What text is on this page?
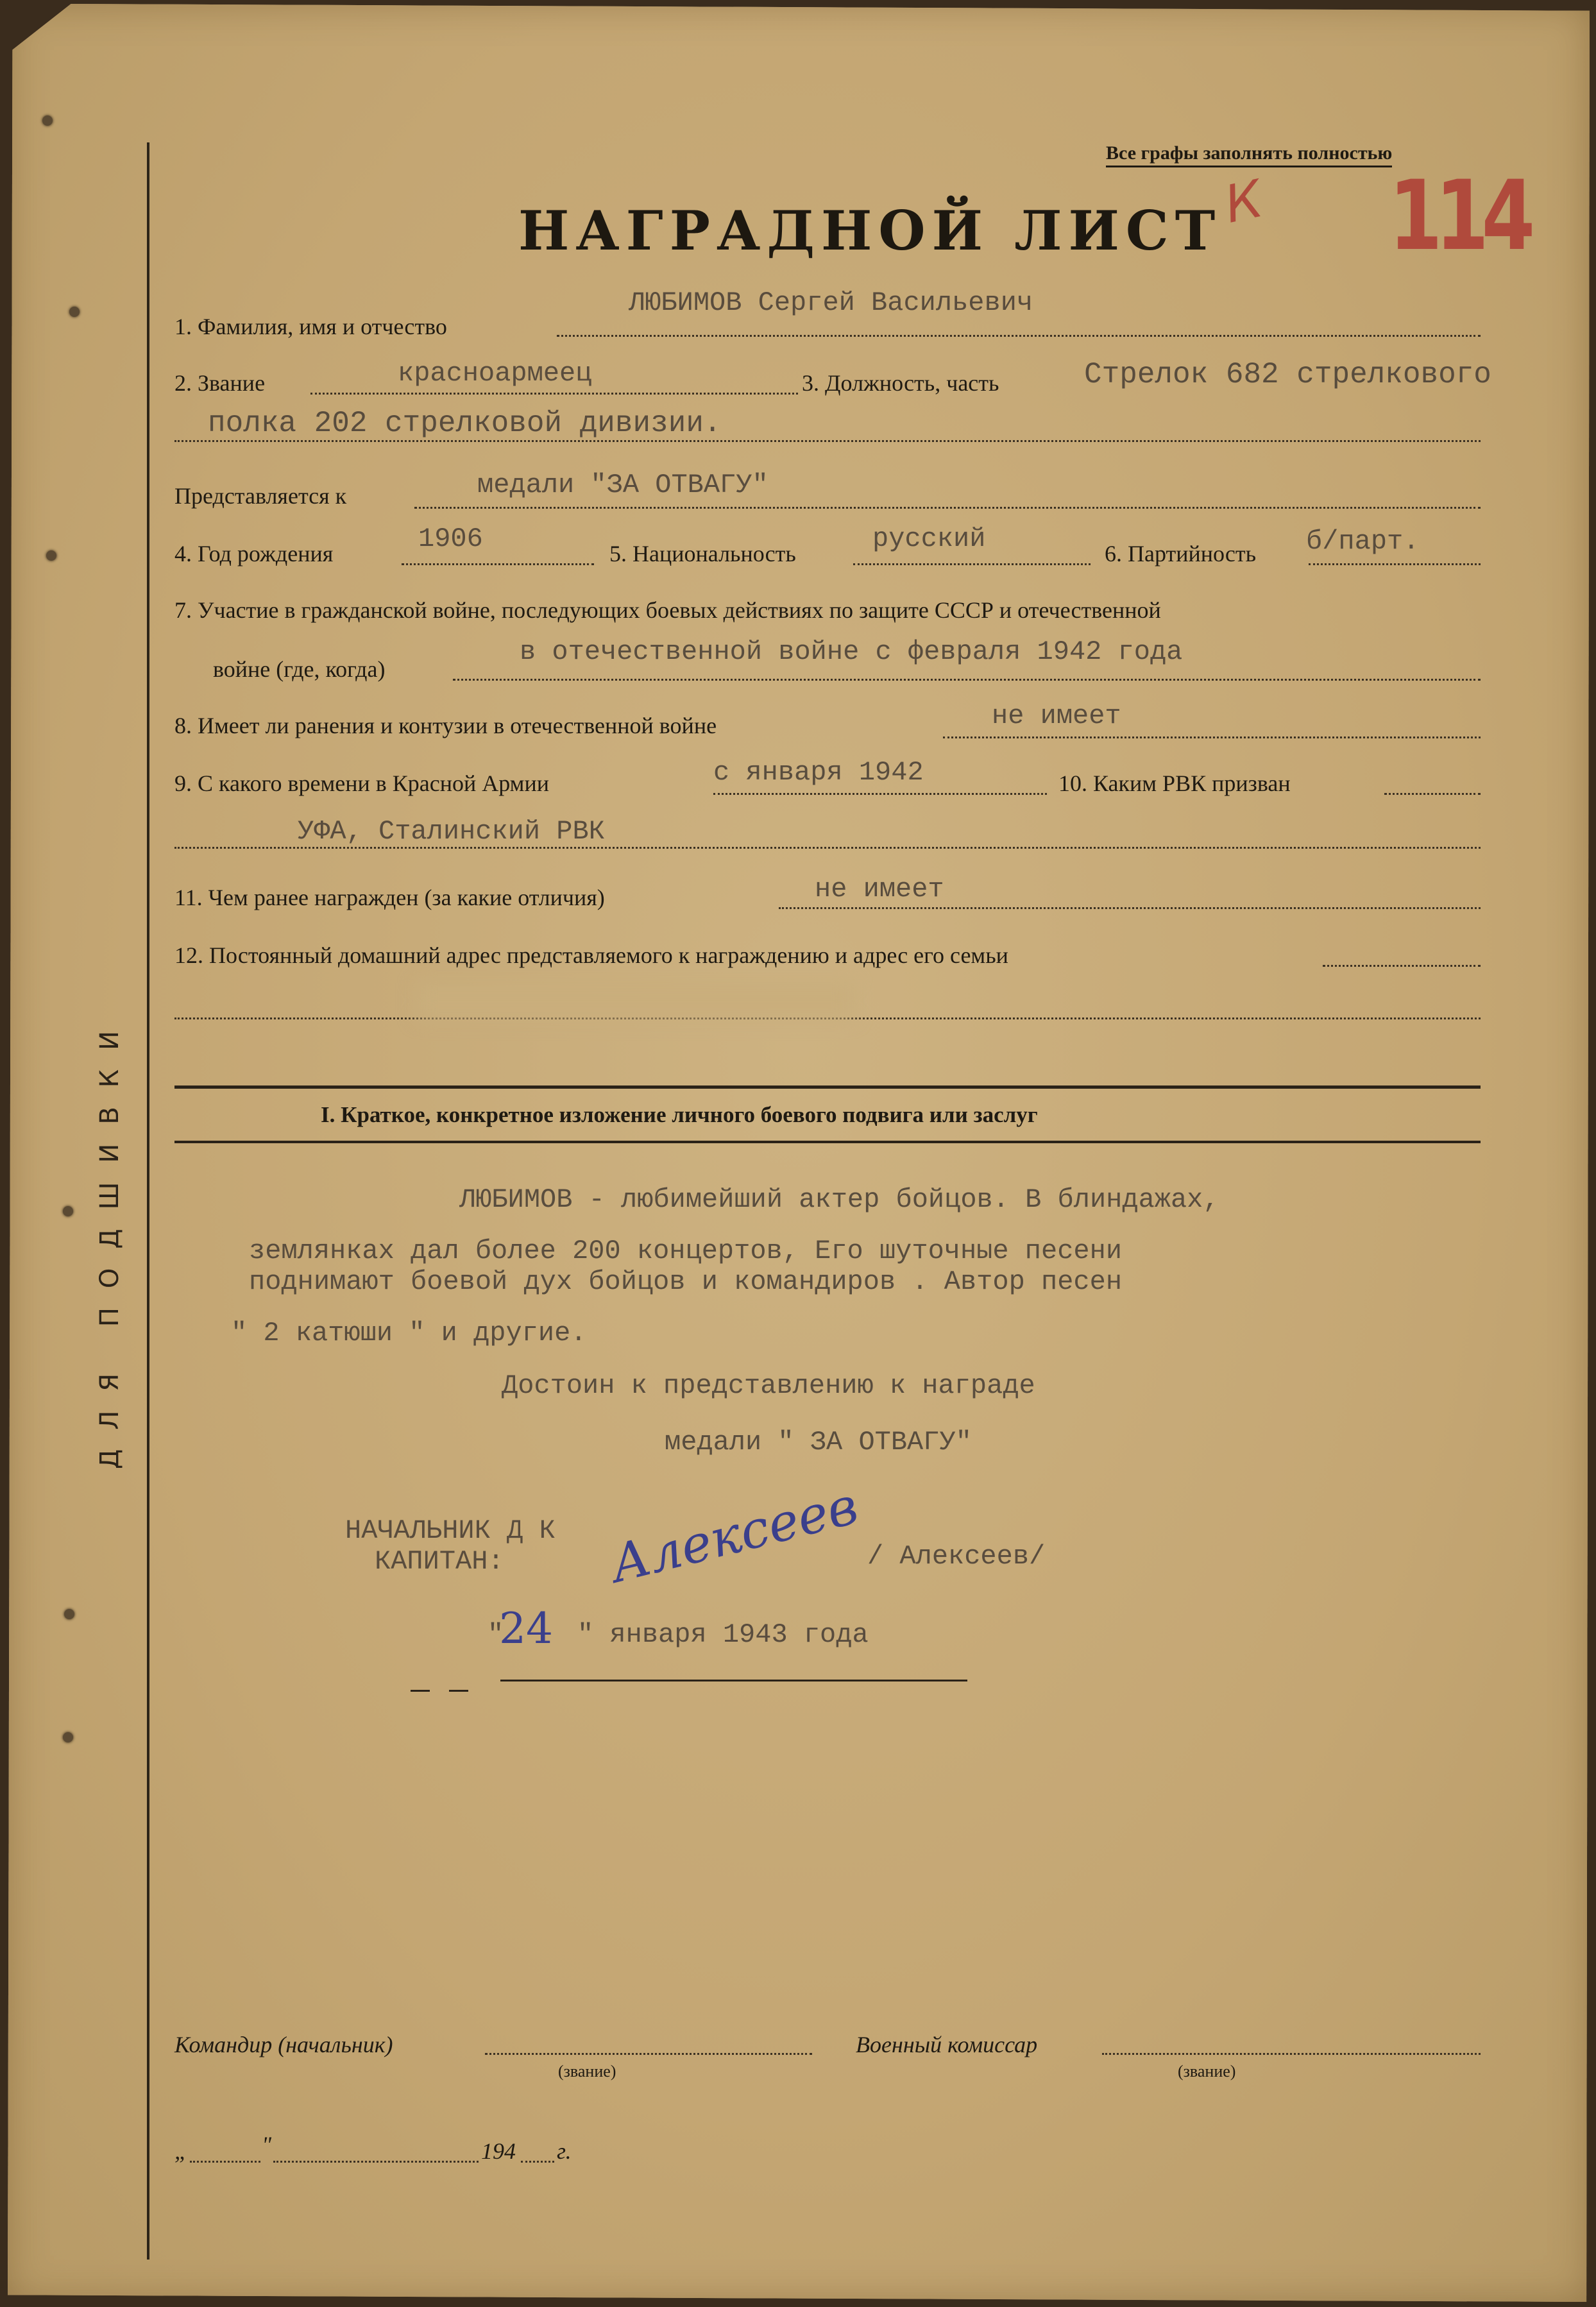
ДЛЯ ПОДШИВКИ
Все графы заполнять полностью
НАГРАДНОЙ ЛИСТ
К 114
1. Фамилия, имя и отчество
ЛЮБИМОВ Сергей Васильевич
2. Звание	красноармеец	3. Должность, часть	Стрелок 682 стрелкового
полка 202 стрелковой дивизии.
Представляется к	медали "ЗА ОТВАГУ"
4. Год рождения	1906	5. Национальность	русский	6. Партийность б/парт.
7. Участие в гражданской войне, последующих боевых действиях по защите СССР и отечественной
войне (где, когда)
в отечественной войне с февраля 1942 года
8. Имеет ли ранения и контузии в отечественной войне	не имеет
9. С какого времени в Красной Армии	с января 1942	10. Каким РВК призван
УФА, Сталинский РВК
11. Чем ранее награжден (за какие отличия)	не имеет
12. Постоянный домашний адрес представляемого к награждению и адрес его семьи
I. Краткое, конкретное изложение личного боевого подвига или заслуг
ЛЮБИМОВ - любимейший актер бойцов. В блиндажах,
землянках дал более 200 концертов, Его шуточные песени
поднимают боевой дух бойцов и командиров . Автор песен
" 2 катюши " и другие.
Достоин к представлению к награде
медали " ЗА ОТВАГУ"
НАЧАЛЬНИК Д К
КАПИТАН: Алексеев / Алексеев/
"
24 " января 1943 года
Командир (начальник)
(звание)
Военный комиссар
(звание)
„	"	194 г.
